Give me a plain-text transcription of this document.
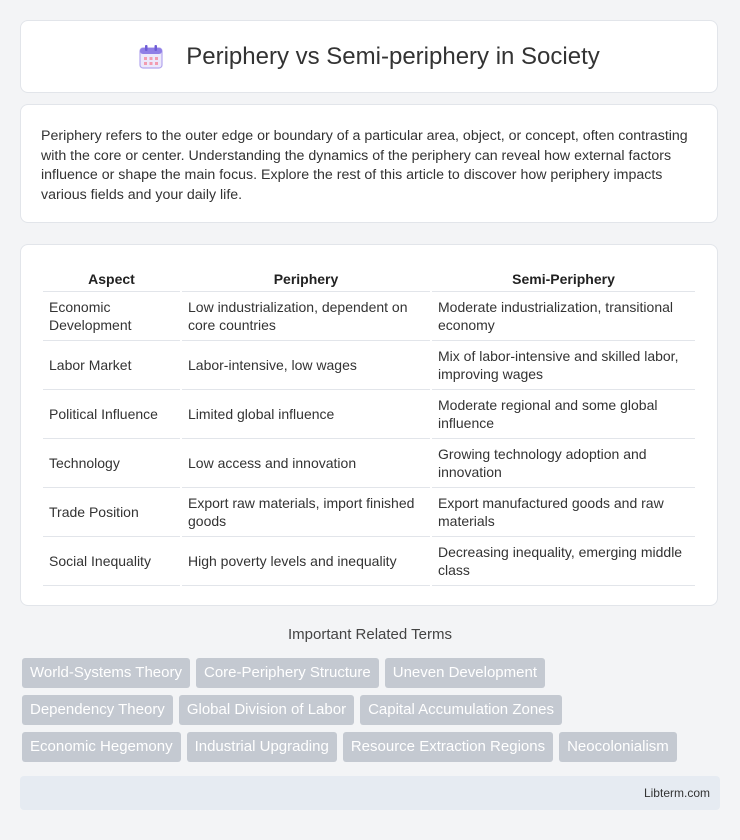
Periphery vs Semi-periphery in Society

Periphery refers to the outer edge or boundary of a particular area, object, or concept, often contrasting with the core or center. Understanding the dynamics of the periphery can reveal how external factors influence or shape the main focus. Explore the rest of this article to discover how periphery impacts various fields and your daily life.

Aspect	Periphery	Semi-Periphery
Economic Development	Low industrialization, dependent on core countries	Moderate industrialization, transitional economy
Labor Market	Labor-intensive, low wages	Mix of labor-intensive and skilled labor, improving wages
Political Influence	Limited global influence	Moderate regional and some global influence
Technology	Low access and innovation	Growing technology adoption and innovation
Trade Position	Export raw materials, import finished goods	Export manufactured goods and raw materials
Social Inequality	High poverty levels and inequality	Decreasing inequality, emerging middle class
Important Related Terms
World-Systems Theory	Core-Periphery Structure	Uneven Development
Dependency Theory	Global Division of Labor	Capital Accumulation Zones
Economic Hegemony	Industrial Upgrading	Resource Extraction Regions	Neocolonialism
Libterm.com
